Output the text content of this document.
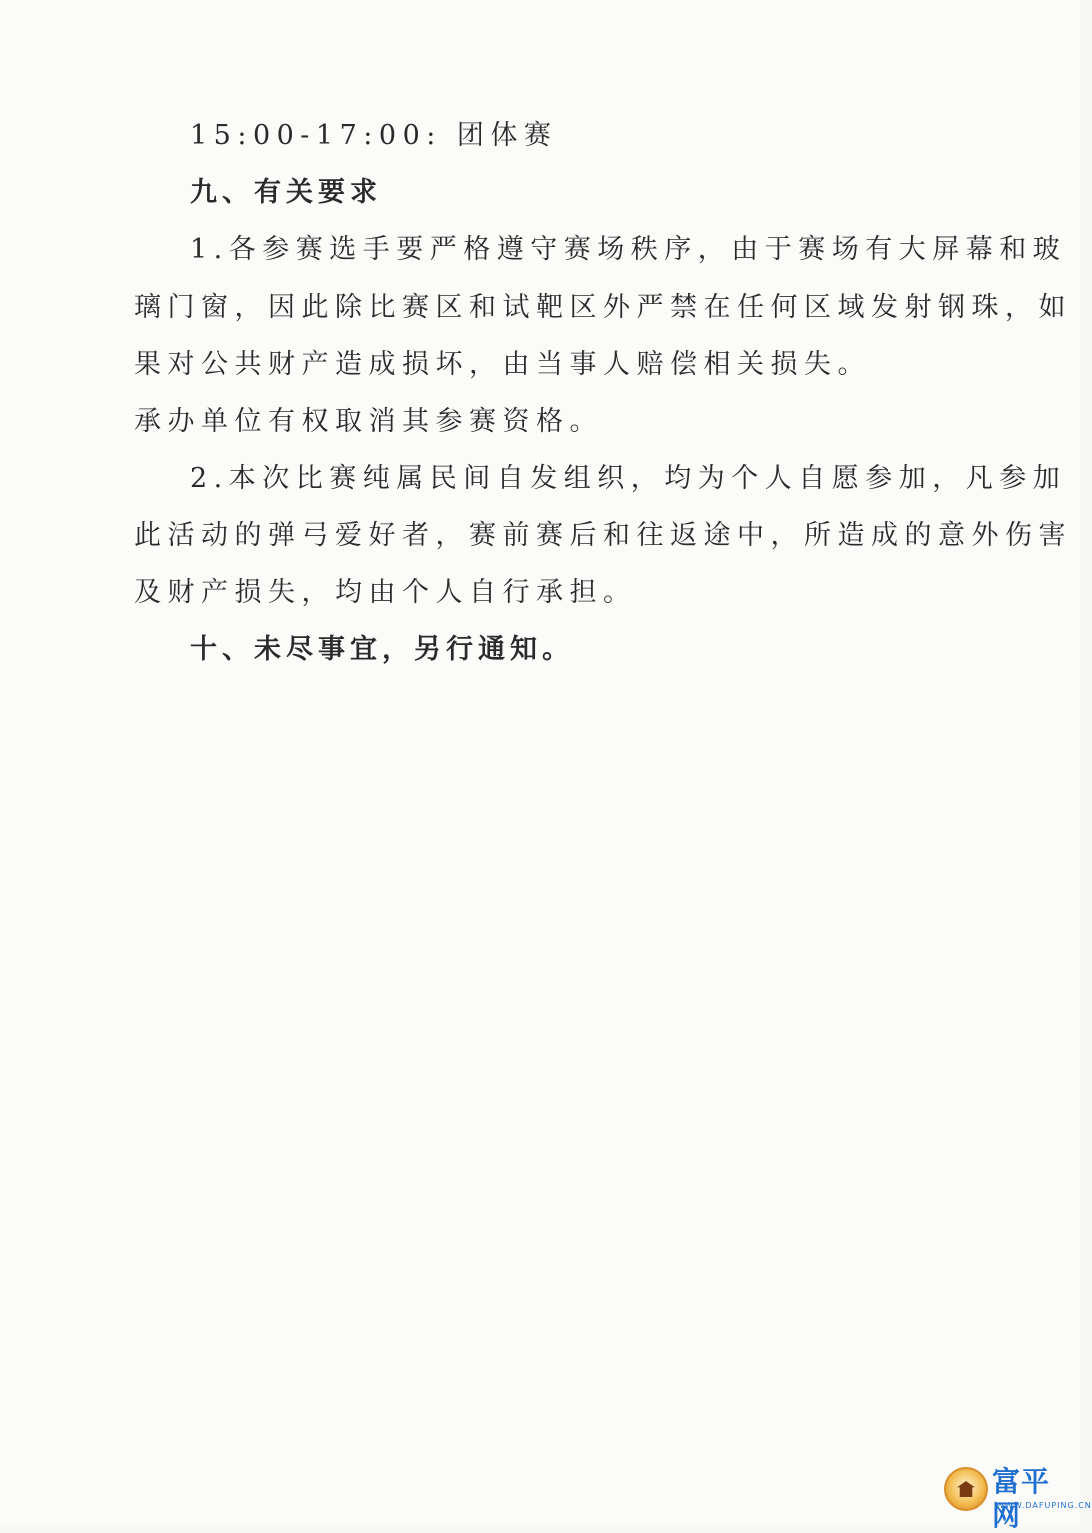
15:00-17:00: 团体赛
九、有关要求
1.各参赛选手要严格遵守赛场秩序，由于赛场有大屏幕和玻
璃门窗，因此除比赛区和试靶区外严禁在任何区域发射钢珠，如
果对公共财产造成损坏，由当事人赔偿相关损失。
承办单位有权取消其参赛资格。
2.本次比赛纯属民间自发组织，均为个人自愿参加，凡参加
此活动的弹弓爱好者，赛前赛后和往返途中，所造成的意外伤害
及财产损失，均由个人自行承担。
十、未尽事宜，另行通知。
富平网
WWW.DAFUPING.CN
